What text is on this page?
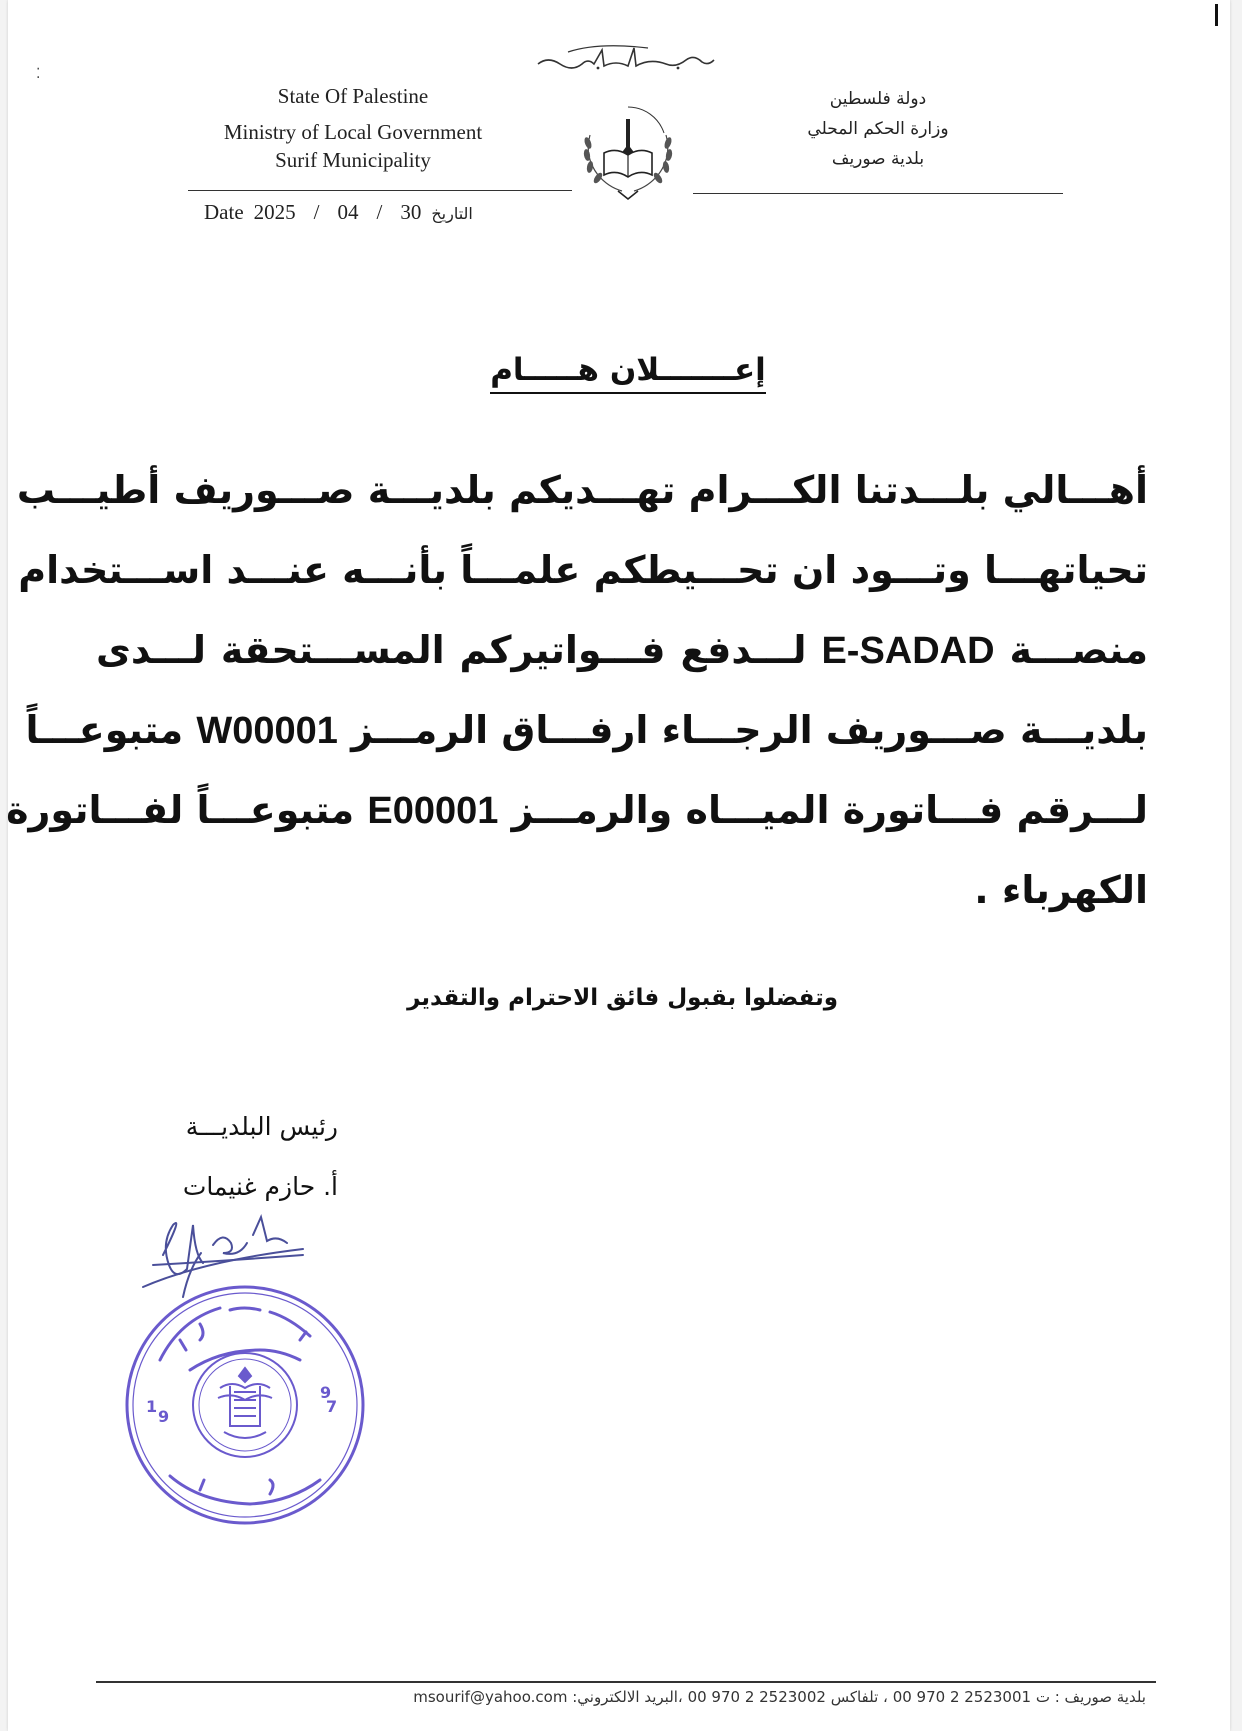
⁚
State Of Palestine
Ministry of Local Government
Surif Municipality
دولة فلسطين
وزارة الحكم المحلي
بلدية صوريف
Date 2025 / 04 / 30 التاريخ
إعـــــــلان هـــــام
أهـــالي بلـــدتنا الكـــرام تهـــديكم بلديـــة صـــوريف أطيـــب
تحياتهـــا وتـــود ان تحـــيطكم علمـــاً بأنـــه عنـــد اســـتخدام
منصـــة E-SADAD لـــدفع فـــواتيركم المســـتحقة لـــدى
بلديـــة صـــوريف الرجـــاء ارفـــاق الرمـــز W00001 متبوعـــاً
لـــرقم فـــاتورة الميـــاه والرمـــز E00001 متبوعـــاً لفـــاتورة
الكهرباء .
وتفضلوا بقبول فائق الاحترام والتقدير
رئيس البلديـــة
أ. حازم غنيمات
1
9
9
7
بلدية صوريف : ت 00 970 2 2523001 ، تلفاكس 00 970 2 2523002 ،البريد الالكتروني: msourif@yahoo.com
